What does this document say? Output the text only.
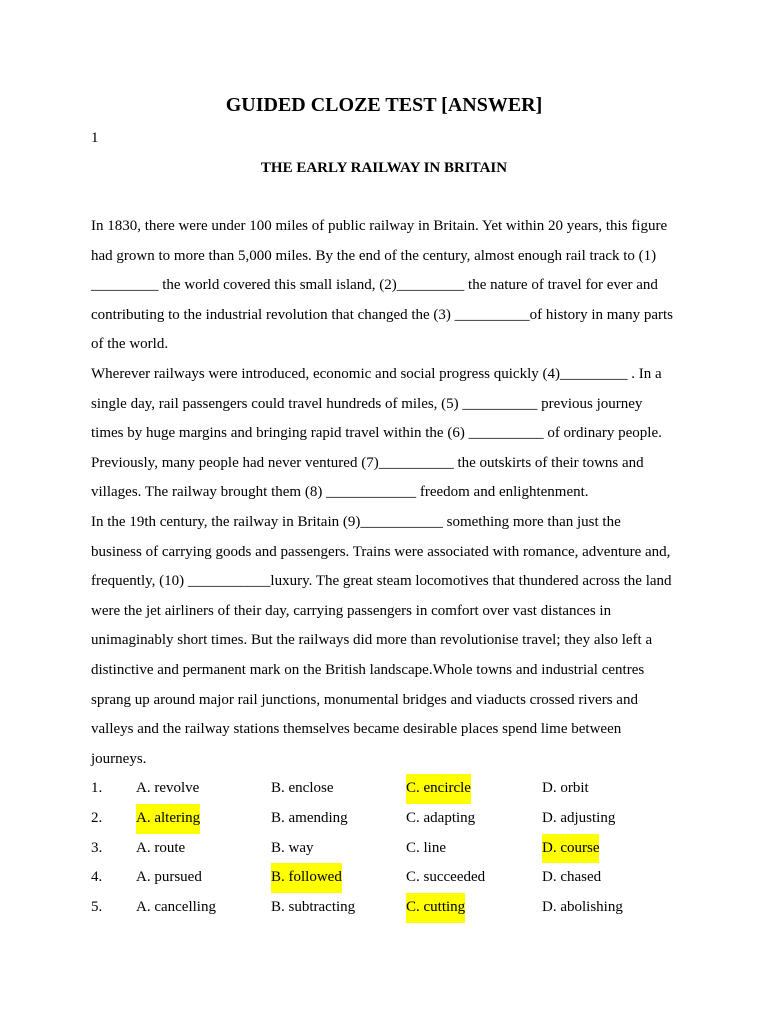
GUIDED CLOZE TEST [ANSWER]
1
THE EARLY RAILWAY IN BRITAIN
In 1830, there were under 100 miles of public railway in Britain. Yet within 20 years, this figure
had grown to more than 5,000 miles. By the end of the century, almost enough rail track to (1)
_________ the world covered this small island, (2)_________ the nature of travel for ever and
contributing to the industrial revolution that changed the (3) __________of history in many parts
of the world.
Wherever railways were introduced, economic and social progress quickly (4)_________ . In a
single day, rail passengers could travel hundreds of miles, (5) __________ previous journey
times by huge margins and bringing rapid travel within the (6) __________ of ordinary people.
Previously, many people had never ventured (7)__________ the outskirts of their towns and
villages. The railway brought them (8) ____________ freedom and enlightenment.
In the 19th century, the railway in Britain (9)___________ something more than just the
business of carrying goods and passengers. Trains were associated with romance, adventure and,
frequently, (10) ___________luxury. The great steam locomotives that thundered across the land
were the jet airliners of their day, carrying passengers in comfort over vast distances in
unimaginably short times. But the railways did more than revolutionise travel; they also left a
distinctive and permanent mark on the British landscape.Whole towns and industrial centres
sprang up around major rail junctions, monumental bridges and viaducts crossed rivers and
valleys and the railway stations themselves became desirable places spend lime between
journeys.
1. A. revolve	B. enclose	C. encircle	D. orbit
2. A. altering	B. amending	C. adapting	D. adjusting
3. A. route	B. way	C. line	D. course
4. A. pursued	B. followed	C. succeeded	D. chased
5. A. cancelling	B. subtracting	C. cutting	D. abolishing
